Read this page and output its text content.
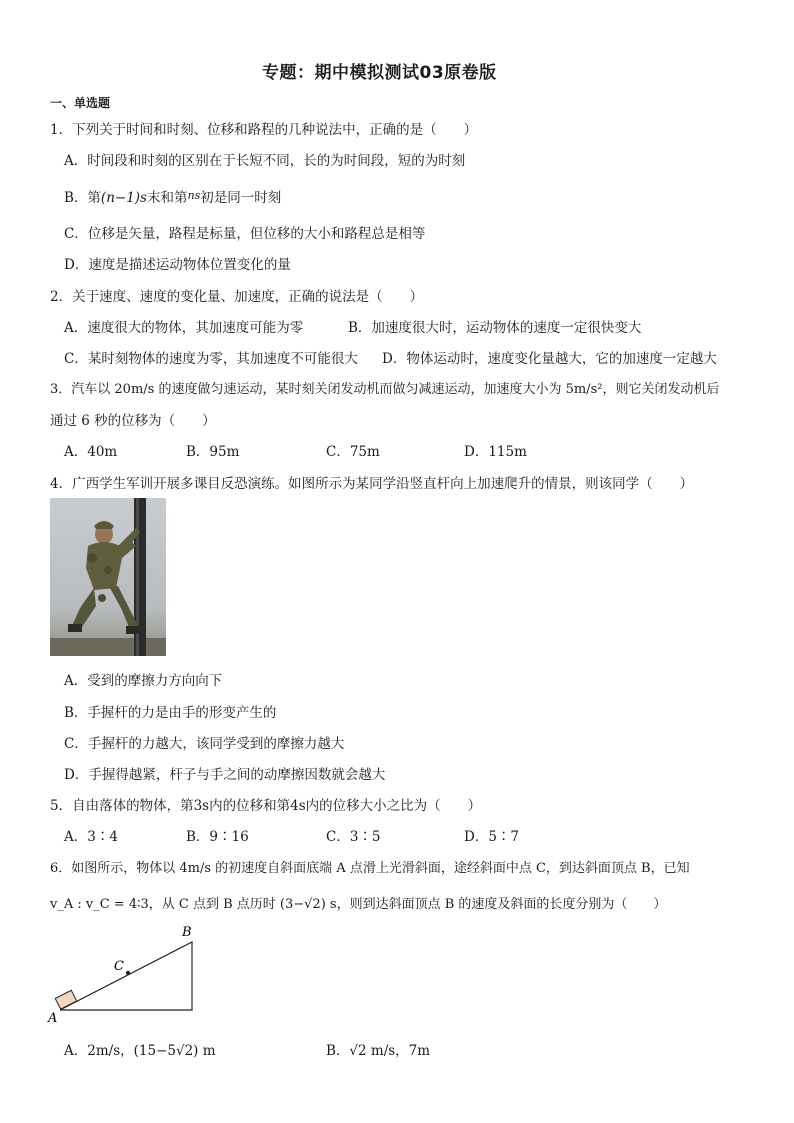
专题：期中模拟测试03原卷版
一、单选题
1．下列关于时间和时刻、位移和路程的几种说法中，正确的是（　　）
A．时间段和时刻的区别在于长短不同，长的为时间段，短的为时刻
B．第(n−1)s末和第$^{ns}$初是同一时刻
C．位移是矢量，路程是标量，但位移的大小和路程总是相等
D．速度是描述运动物体位置变化的量
2．关于速度、速度的变化量、加速度，正确的说法是（　　）
A．速度很大的物体，其加速度可能为零	B．加速度很大时，运动物体的速度一定很快变大
C．某时刻物体的速度为零，其加速度不可能很大 D．物体运动时，速度变化量越大，它的加速度一定越大
3．汽车以 20m/s 的速度做匀速运动，某时刻关闭发动机而做匀减速运动，加速度大小为 5m/s²，则它关闭发动机后
通过 6 秒的位移为（　　）
A．40m	B．95m	C．75m	D．115m
4．广西学生军训开展多课目反恐演练。如图所示为某同学沿竖直杆向上加速爬升的情景，则该同学（　　）
A．受到的摩擦力方向向下
B．手握杆的力是由手的形变产生的
C．手握杆的力越大，该同学受到的摩擦力越大
D．手握得越紧，杆子与手之间的动摩擦因数就会越大
5．自由落体的物体，第3s内的位移和第4s内的位移大小之比为（　　）
A．3∶4	B．9∶16	C．3∶5	D．5∶7
6．如图所示，物体以 4m/s 的初速度自斜面底端 A 点滑上光滑斜面，途经斜面中点 C，到达斜面顶点 B，已知
v_A : v_C = 4∶3，从 C 点到 B 点历时 (3−√2) s，则到达斜面顶点 B 的速度及斜面的长度分别为（　　）
B
C
A
A．2m/s，(15−5√2) m	B．√2 m/s，7m
